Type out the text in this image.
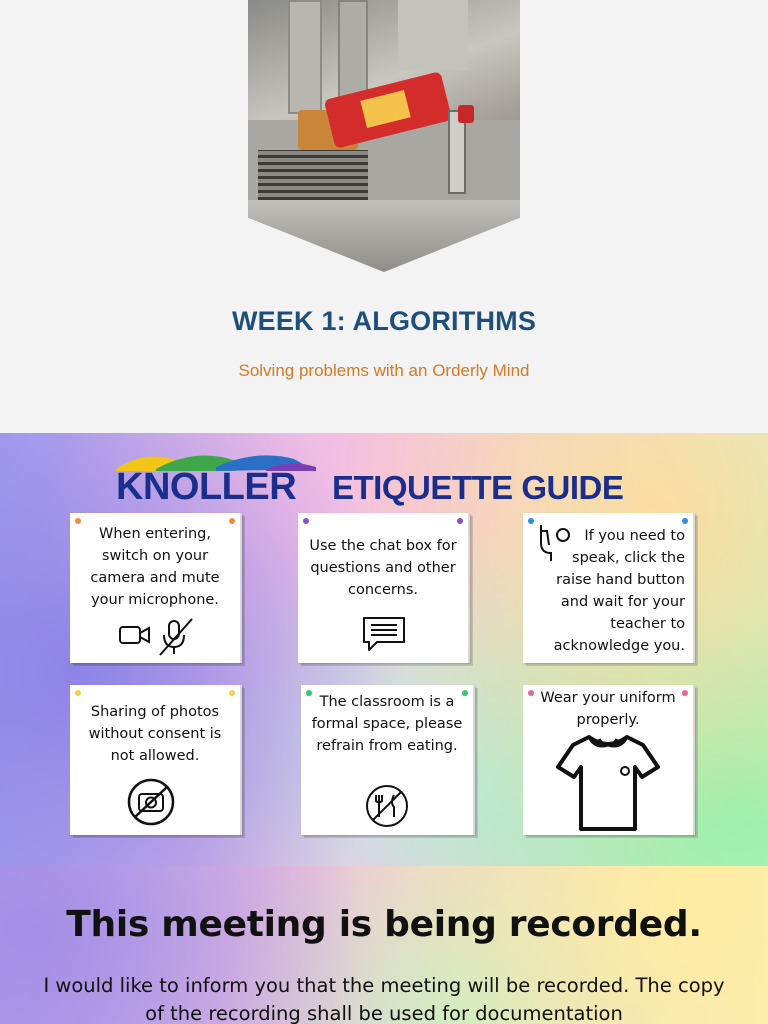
WEEK 1: ALGORITHMS

Solving problems with an Orderly Mind

KNOLLER ETIQUETTE GUIDE
When entering, switch on your camera and mute your microphone.
Use the chat box for questions and other concerns.
If you need to speak, click the raise hand button and wait for your teacher to acknowledge you.
Sharing of photos without consent is not allowed.
The classroom is a formal space, please refrain from eating.
Wear your uniform properly.
This meeting is being recorded.

I would like to inform you that the meeting will be recorded. The copy of the recording shall be used for documentation
